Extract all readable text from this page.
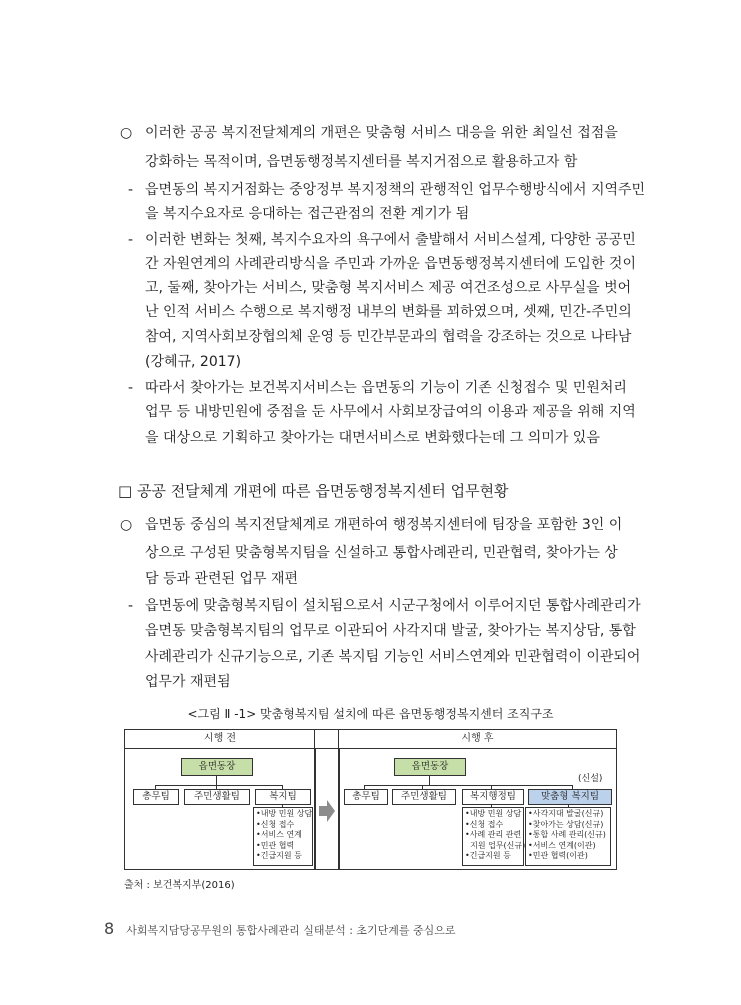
○ 이러한 공공 복지전달체계의 개편은 맞춤형 서비스 대응을 위한 최일선 접점을
강화하는 목적이며, 읍면동행정복지센터를 복지거점으로 활용하고자 함
- 읍면동의 복지거점화는 중앙정부 복지정책의 관행적인 업무수행방식에서 지역주민
을 복지수요자로 응대하는 접근관점의 전환 계기가 됨
- 이러한 변화는 첫째, 복지수요자의 욕구에서 출발해서 서비스설계, 다양한 공공민
간 자원연계의 사례관리방식을 주민과 가까운 읍면동행정복지센터에 도입한 것이
고, 둘째, 찾아가는 서비스, 맞춤형 복지서비스 제공 여건조성으로 사무실을 벗어
난 인적 서비스 수행으로 복지행정 내부의 변화를 꾀하였으며, 셋째, 민간-주민의
참여, 지역사회보장협의체 운영 등 민간부문과의 협력을 강조하는 것으로 나타남
(강혜규, 2017)
- 따라서 찾아가는 보건복지서비스는 읍면동의 기능이 기존 신청접수 및 민원처리
업무 등 내방민원에 중점을 둔 사무에서 사회보장급여의 이용과 제공을 위해 지역
을 대상으로 기획하고 찾아가는 대면서비스로 변화했다는데 그 의미가 있음
□ 공공 전달체계 개편에 따른 읍면동행정복지센터 업무현황
○ 읍면동 중심의 복지전달체계로 개편하여 행정복지센터에 팀장을 포함한 3인 이
상으로 구성된 맞춤형복지팀을 신설하고 통합사례관리, 민관협력, 찾아가는 상
담 등과 관련된 업무 재편
- 읍면동에 맞춤형복지팀이 설치됨으로서 시군구청에서 이루어지던 통합사례관리가
읍면동 맞춤형복지팀의 업무로 이관되어 사각지대 발굴, 찾아가는 복지상담, 통합
사례관리가 신규기능으로, 기존 복지팀 기능인 서비스연계와 민관협력이 이관되어
업무가 재편됨
<그림 Ⅱ -1> 맞춤형복지팀 설치에 따른 읍면동행정복지센터 조직구조
시행 전	시행 후
읍면동장
총무팀	주민생활팀	복지팀
•내방 민원 상담
•신청 접수
•서비스 연계
•민관 협력
•긴급지원 등
읍면동장
(신설)
총무팀	주민생활팀	복지행정팀	맞춤형 복지팀
•내방 민원 상담
•신청 접수
•사례 관리 관련
지원 업무(신규)
•긴급지원 등
•사각지대 발굴(신규)
•찾아가는 상담(신규)
•통합 사례 관리(신규)
•서비스 연계(이관)
•민관 협력(이관)
출처 : 보건복지부(2016)
8 사회복지담당공무원의 통합사례관리 실태분석 : 초기단계를 중심으로
